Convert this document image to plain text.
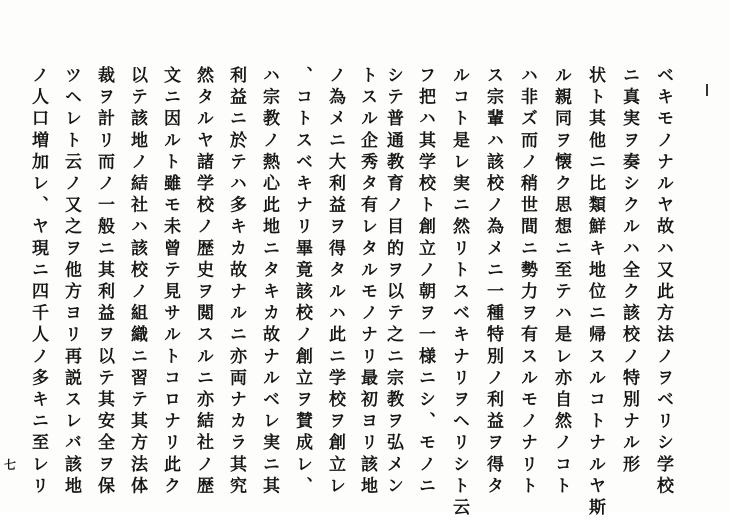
ベキモノナルヤ故ハ又此方法ノヲベリシ学校
ニ真実ヲ奏シクルハ全ク該校ノ特別ナル形
状ト其他ニ比類鮮キ地位ニ帰スルコトナルヤ斯
ル親同ヲ懐ク思想ニ至テハ是レ亦自然ノコト
ハ非ズ而ノ稍世間ニ勢力ヲ有スルモノナリト
ス宗輩ハ該校ノ為メニ一種特別ノ利益ヲ得タ
ルコト是レ実ニ然リトスベキナリヲヘリシト云
フ把ハ其学校ト創立ノ朝ヲ一様ニシ、モノニ
シテ普通教育ノ目的ヲ以テ之ニ宗教ヲ弘メン
ノ為メニ大利益ヲ得タルハ此ニ学校ヲ創立レ
、コトスベキナリ畢竟該校ノ創立ヲ賛成レ、
ハ宗教ノ熱心此地ニタキカ故ナルベレ実ニ其
利益ニ於テハ多キカ故ナルニ亦両ナカラ其究
然タルヤ諸学校ノ歴史ヲ閲スルニ亦結社ノ歴
文ニ因ルト雖モ未曾テ見サルトコロナリ此ク
以テ該地ノ結社ハ該校ノ組織ニ習テ其方法体
裁ヲ計リ而ノ一般ニ其利益ヲ以テ其安全ヲ保
ツヘレト云ノ又之ヲ他方ヨリ再説スレバ該地
ノ人口増加レ、ヤ現ニ四千人ノ多キニ至レリ
七	トスル企秀タ有レタルモノナリ最初ヨリ該地
